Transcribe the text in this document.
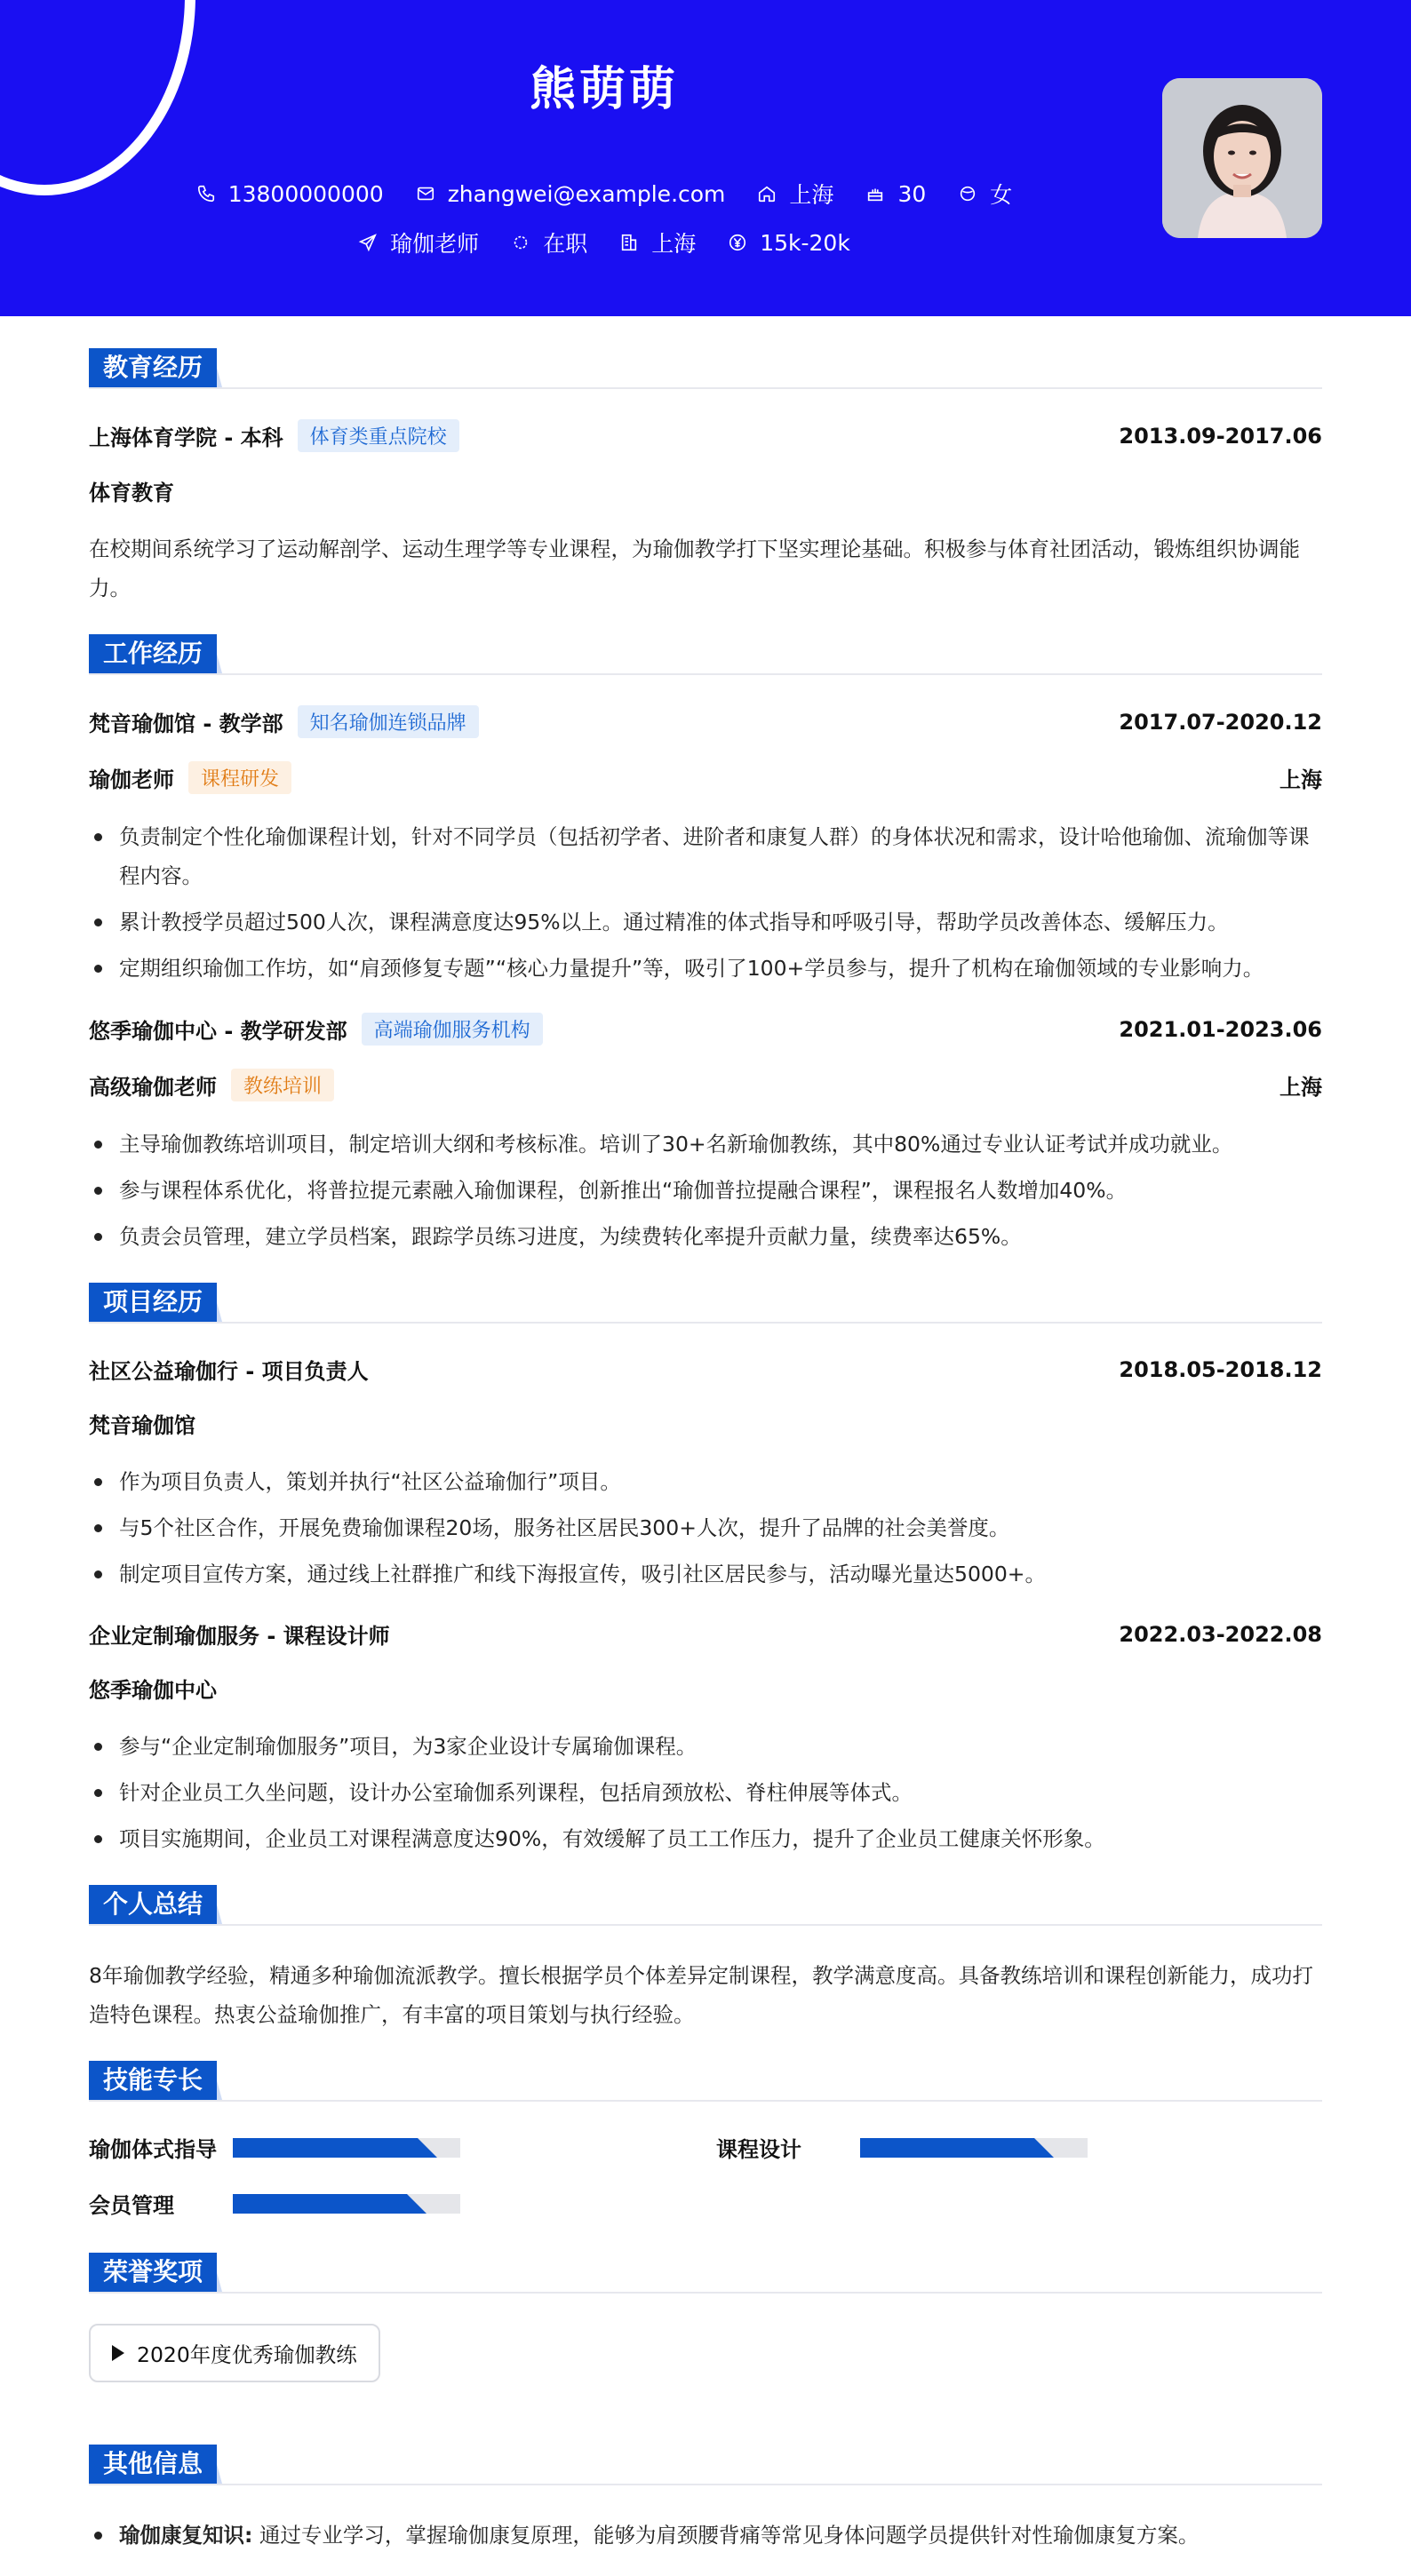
熊萌萌
13800000000	zhangwei@example.com	上海	30	女
瑜伽老师	在职	上海	15k-20k
教育经历
上海体育学院 - 本科	体育类重点院校	2013.09-2017.06
体育教育
在校期间系统学习了运动解剖学、运动生理学等专业课程，为瑜伽教学打下坚实理论基础。积极参与体育社团活动，锻炼组织协调能力。
工作经历
梵音瑜伽馆 - 教学部	知名瑜伽连锁品牌	2017.07-2020.12
瑜伽老师	课程研发	上海
负责制定个性化瑜伽课程计划，针对不同学员（包括初学者、进阶者和康复人群）的身体状况和需求，设计哈他瑜伽、流瑜伽等课程内容。
累计教授学员超过500人次，课程满意度达95%以上。通过精准的体式指导和呼吸引导，帮助学员改善体态、缓解压力。
定期组织瑜伽工作坊，如“肩颈修复专题”“核心力量提升”等，吸引了100+学员参与，提升了机构在瑜伽领域的专业影响力。
悠季瑜伽中心 - 教学研发部	高端瑜伽服务机构	2021.01-2023.06
高级瑜伽老师	教练培训	上海
主导瑜伽教练培训项目，制定培训大纲和考核标准。培训了30+名新瑜伽教练，其中80%通过专业认证考试并成功就业。
参与课程体系优化，将普拉提元素融入瑜伽课程，创新推出“瑜伽普拉提融合课程”，课程报名人数增加40%。
负责会员管理，建立学员档案，跟踪学员练习进度，为续费转化率提升贡献力量，续费率达65%。
项目经历
社区公益瑜伽行 - 项目负责人	2018.05-2018.12
梵音瑜伽馆
作为项目负责人，策划并执行“社区公益瑜伽行”项目。
与5个社区合作，开展免费瑜伽课程20场，服务社区居民300+人次，提升了品牌的社会美誉度。
制定项目宣传方案，通过线上社群推广和线下海报宣传，吸引社区居民参与，活动曝光量达5000+。
企业定制瑜伽服务 - 课程设计师	2022.03-2022.08
悠季瑜伽中心
参与“企业定制瑜伽服务”项目，为3家企业设计专属瑜伽课程。
针对企业员工久坐问题，设计办公室瑜伽系列课程，包括肩颈放松、脊柱伸展等体式。
项目实施期间，企业员工对课程满意度达90%，有效缓解了员工工作压力，提升了企业员工健康关怀形象。
个人总结
8年瑜伽教学经验，精通多种瑜伽流派教学。擅长根据学员个体差异定制课程，教学满意度高。具备教练培训和课程创新能力，成功打造特色课程。热衷公益瑜伽推广，有丰富的项目策划与执行经验。
技能专长
瑜伽体式指导	课程设计
会员管理
荣誉奖项
2020年度优秀瑜伽教练
其他信息
瑜伽康复知识: 通过专业学习，掌握瑜伽康复原理，能够为肩颈腰背痛等常见身体问题学员提供针对性瑜伽康复方案。
